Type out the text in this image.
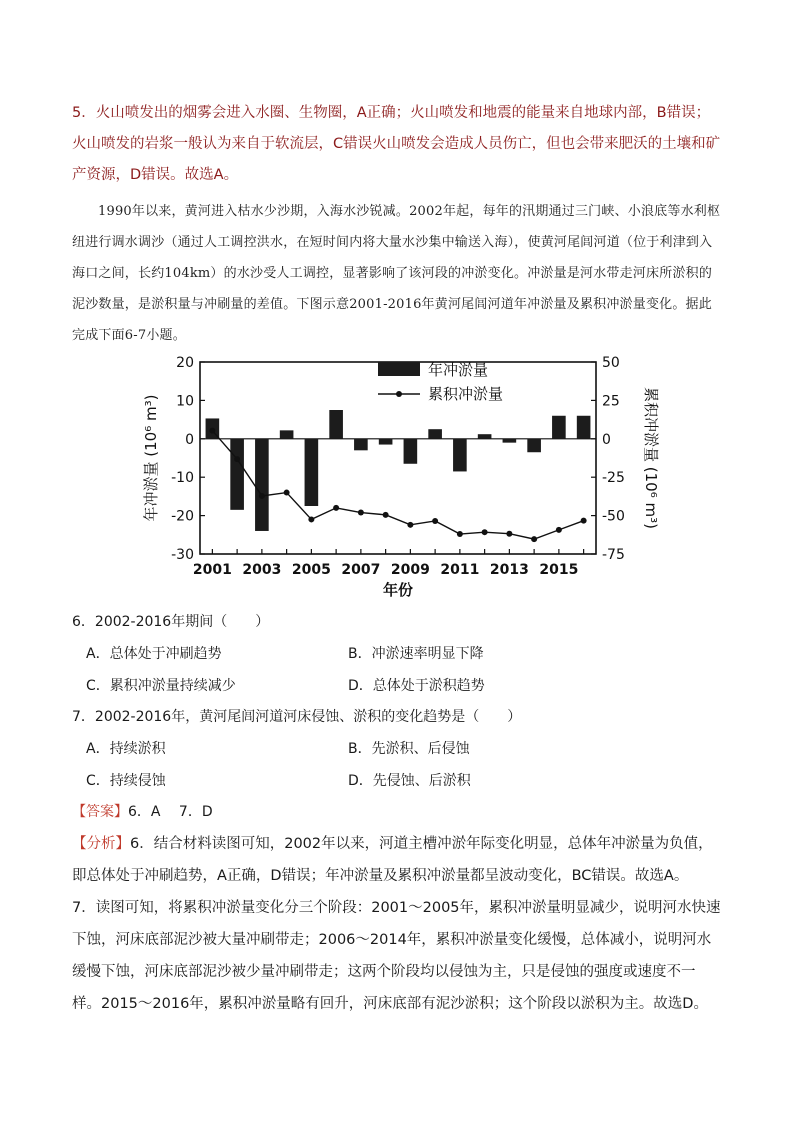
5．火山喷发出的烟雾会进入水圈、生物圈，A正确；火山喷发和地震的能量来自地球内部，B错误；火山喷发的岩浆一般认为来自于软流层，C错误火山喷发会造成人员伤亡，但也会带来肥沃的土壤和矿产资源，D错误。故选A。
1990年以来，黄河进入枯水少沙期，入海水沙锐减。2002年起，每年的汛期通过三门峡、小浪底等水利枢纽进行调水调沙（通过人工调控洪水，在短时间内将大量水沙集中输送入海），使黄河尾闾河道（位于利津到入海口之间，长约104km）的水沙受人工调控，显著影响了该河段的冲淤变化。冲淤量是河水带走河床所淤积的泥沙数量，是淤积量与冲刷量的差值。下图示意2001-2016年黄河尾闾河道年冲淤量及累积冲淤量变化。据此完成下面6-7小题。
20
10
0
-10
-20
-30
50
25
0
-25
-50
-75
2001 2003 2005 2007 2009 2011 2013 2015
年份
年冲淤量 (10⁶ m³)	累积冲淤量 (10⁶ m³)
年冲淤量
累积冲淤量
6．2002-2016年期间（　　）
A．总体处于冲刷趋势	B．冲淤速率明显下降
C．累积冲淤量持续减少	D．总体处于淤积趋势
7．2002-2016年，黄河尾闾河道河床侵蚀、淤积的变化趋势是（　　）
A．持续淤积	B．先淤积、后侵蚀
C．持续侵蚀	D．先侵蚀、后淤积
【答案】6．A　 7．D
【分析】6．结合材料读图可知，2002年以来，河道主槽冲淤年际变化明显，总体年冲淤量为负值，即总体处于冲刷趋势，A正确，D错误；年冲淤量及累积冲淤量都呈波动变化，BC错误。故选A。
7．读图可知，将累积冲淤量变化分三个阶段：2001～2005年，累积冲淤量明显减少，说明河水快速下蚀，河床底部泥沙被大量冲刷带走；2006～2014年，累积冲淤量变化缓慢，总体减小，说明河水缓慢下蚀，河床底部泥沙被少量冲刷带走；这两个阶段均以侵蚀为主，只是侵蚀的强度或速度不一样。2015～2016年，累积冲淤量略有回升，河床底部有泥沙淤积；这个阶段以淤积为主。故选D。
